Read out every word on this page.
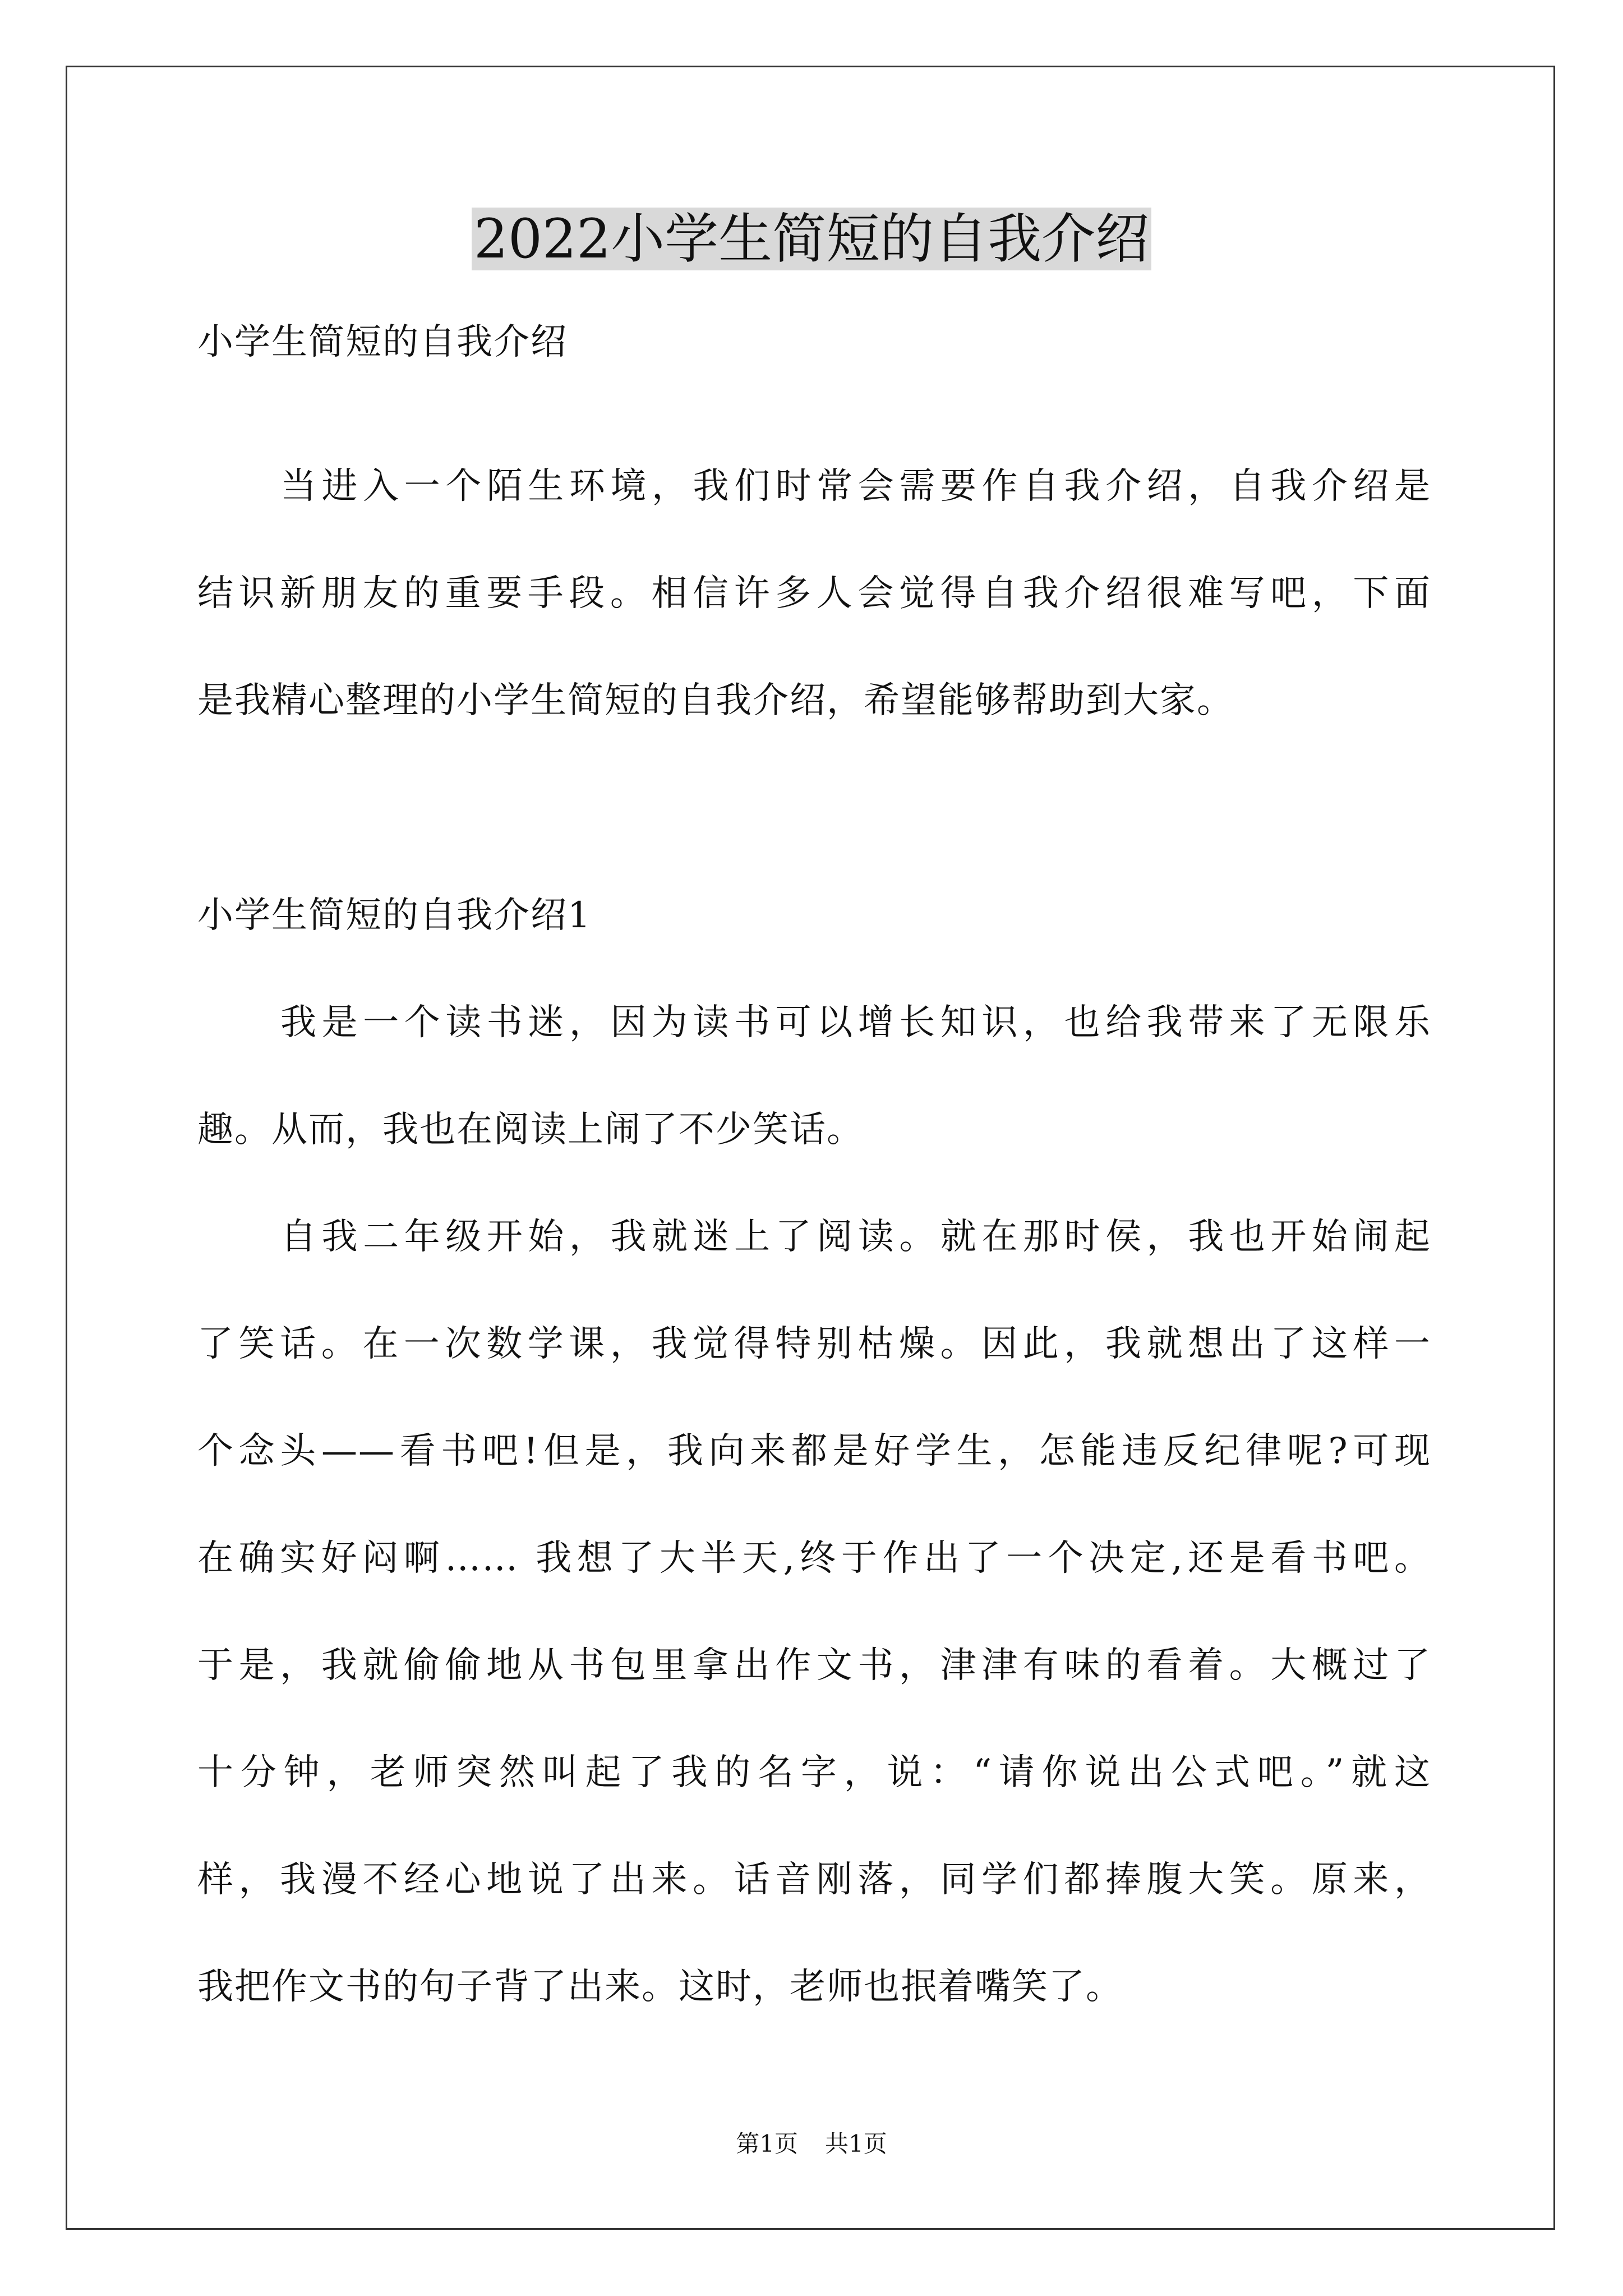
2022小学生简短的自我介绍
小学生简短的自我介绍
当进入一个陌生环境，我们时常会需要作自我介绍，自我介绍是
结识新朋友的重要手段。相信许多人会觉得自我介绍很难写吧，下面
是我精心整理的小学生简短的自我介绍，希望能够帮助到大家。
小学生简短的自我介绍1
我是一个读书迷，因为读书可以增长知识，也给我带来了无限乐
趣。从而，我也在阅读上闹了不少笑话。
自我二年级开始，我就迷上了阅读。就在那时侯，我也开始闹起
了笑话。在一次数学课，我觉得特别枯燥。因此，我就想出了这样一
个念头——看书吧!但是，我向来都是好学生，怎能违反纪律呢?可现
在确实好闷啊…… 我想了大半天,终于作出了一个决定,还是看书吧。
于是，我就偷偷地从书包里拿出作文书，津津有味的看着。大概过了
十分钟，老师突然叫起了我的名字，说：“请你说出公式吧。”就这
样，我漫不经心地说了出来。话音刚落，同学们都捧腹大笑。原来，
我把作文书的句子背了出来。这时，老师也抿着嘴笑了。
第1页 共1页
